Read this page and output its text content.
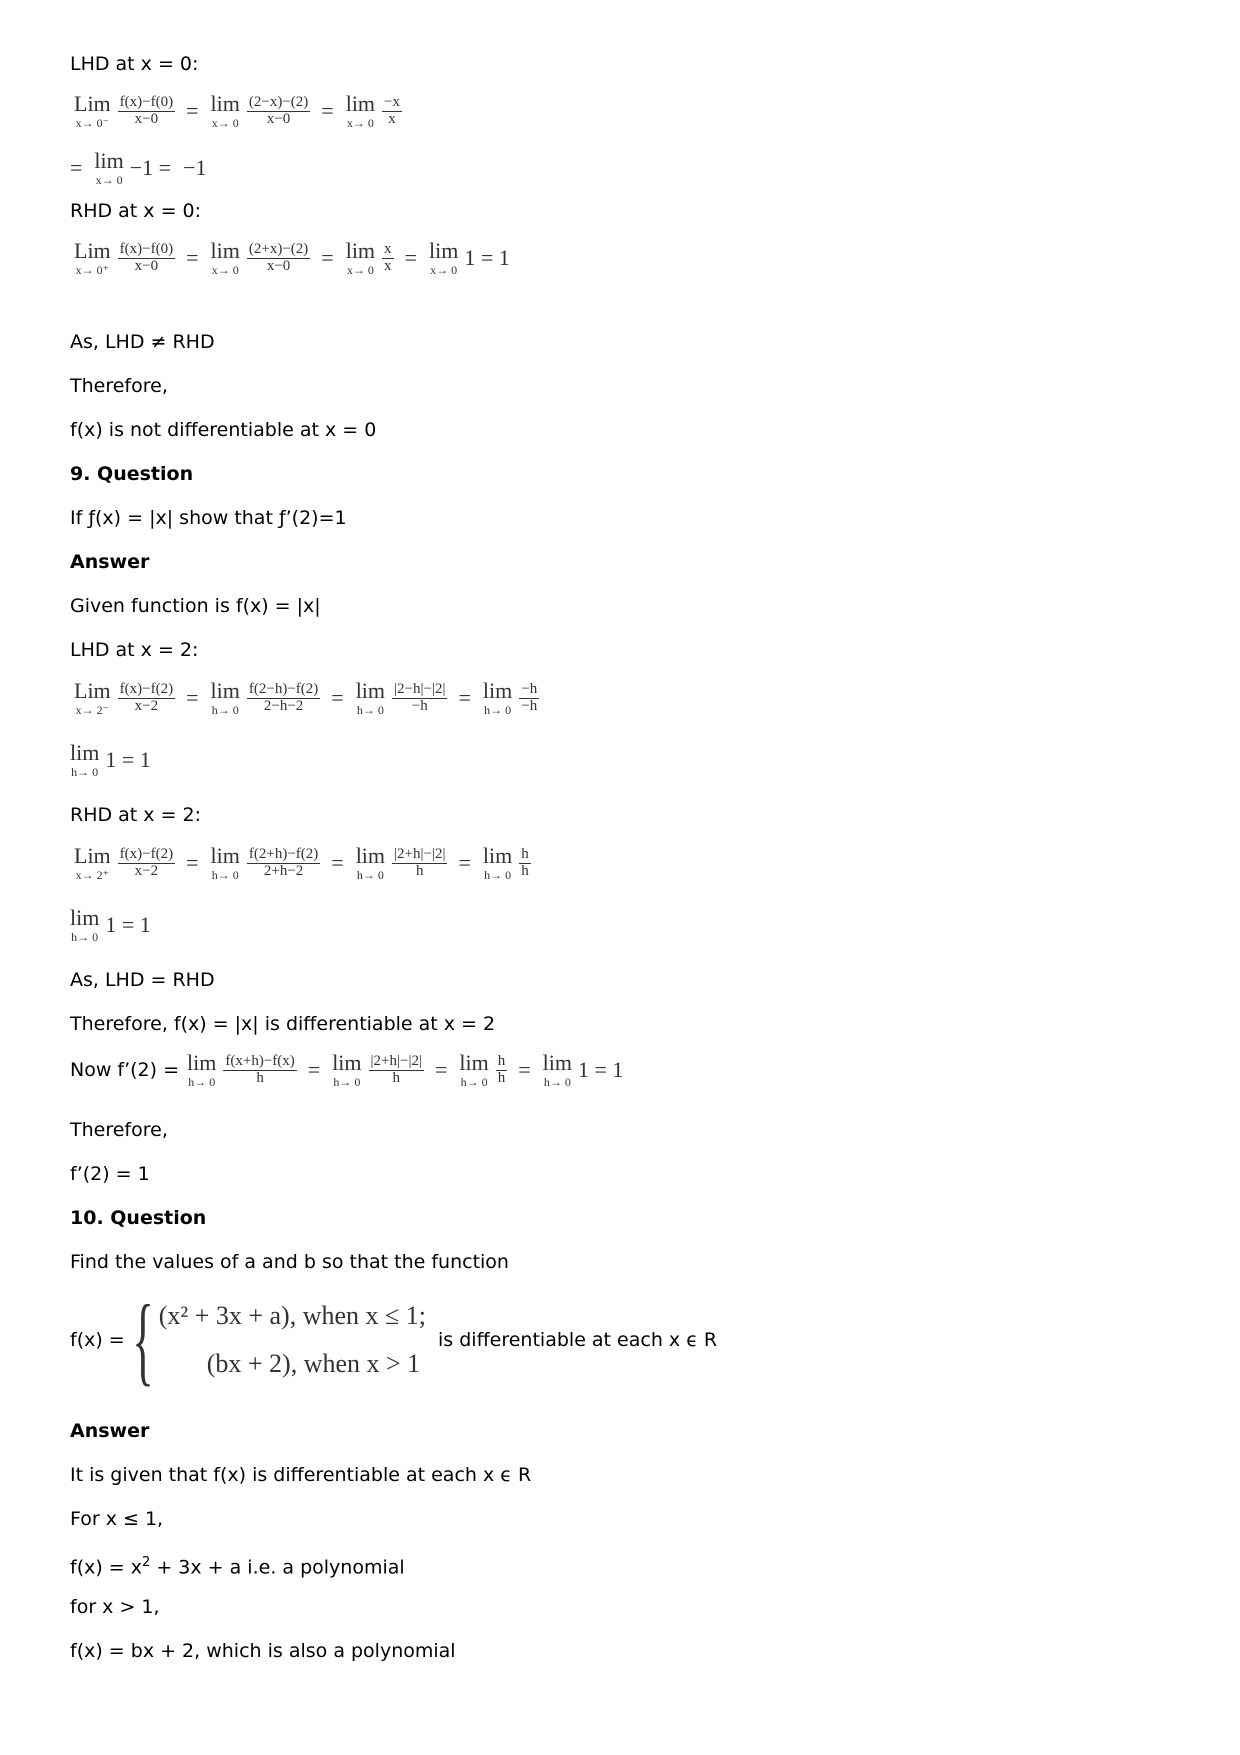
LHD at x = 0:
Lim
$x\to 0^- \frac{f(x)-f(0)}{x-0} = \lim$
$x\to 0 \frac{(2-x)-(2)}{x-0} = \lim$
$x\to 0 \frac{-x}{x}$
= lim
x→ 0 −1 = −1
RHD at x = 0:
Lim
$x\to 0^+ \frac{f(x)-f(0)}{x-0} = \lim$
$x\to 0 \frac{(2+x)-(2)}{x-0} = \lim$
$x\to 0 \frac{x}{x} = \lim$
x→ 0 1 = 1
As, LHD ≠ RHD
Therefore,
f(x) is not differentiable at x = 0
9. Question
If ƒ(x) = |x| show that ƒ’(2)=1
Answer
Given function is f(x) = |x|
LHD at x = 2:
Lim
$x\to 2^- \frac{f(x)-f(2)}{x-2} = \lim$
$h\to 0 \frac{f(2-h)-f(2)}{2-h-2} = \lim$
$h\to 0 \frac{|2-h|-|2|}{-h} = \lim$
$h\to 0 \frac{-h}{-h}$
lim
h→ 0 1 = 1
RHD at x = 2:
Lim
$x\to 2^+ \frac{f(x)-f(2)}{x-2} = \lim$
$h\to 0 \frac{f(2+h)-f(2)}{2+h-2} = \lim$
$h\to 0 \frac{|2+h|-|2|}{h} = \lim$
$h\to 0 \frac{h}{h}$
lim
h→ 0 1 = 1
As, LHD = RHD
Therefore, f(x) = |x| is differentiable at x = 2
Now f’(2) = lim
$h\to 0 \frac{f(x+h)-f(x)}{h} = \lim$
$h\to 0 \frac{|2+h|-|2|}{h} = \lim$
$h\to 0 \frac{h}{h} = \lim$
h→ 0 1 = 1
Therefore,
f’(2) = 1
10. Question
Find the values of a and b so that the function
f(x) = { (x² + 3x + a), when x ≤ 1;
(bx + 2), when x > 1
is differentiable at each x ϵ R
Answer
It is given that f(x) is differentiable at each x ϵ R
For x ≤ 1,
$f(x) = x^2 + 3x + a$ i.e. a polynomial
for x > 1,
f(x) = bx + 2, which is also a polynomial
